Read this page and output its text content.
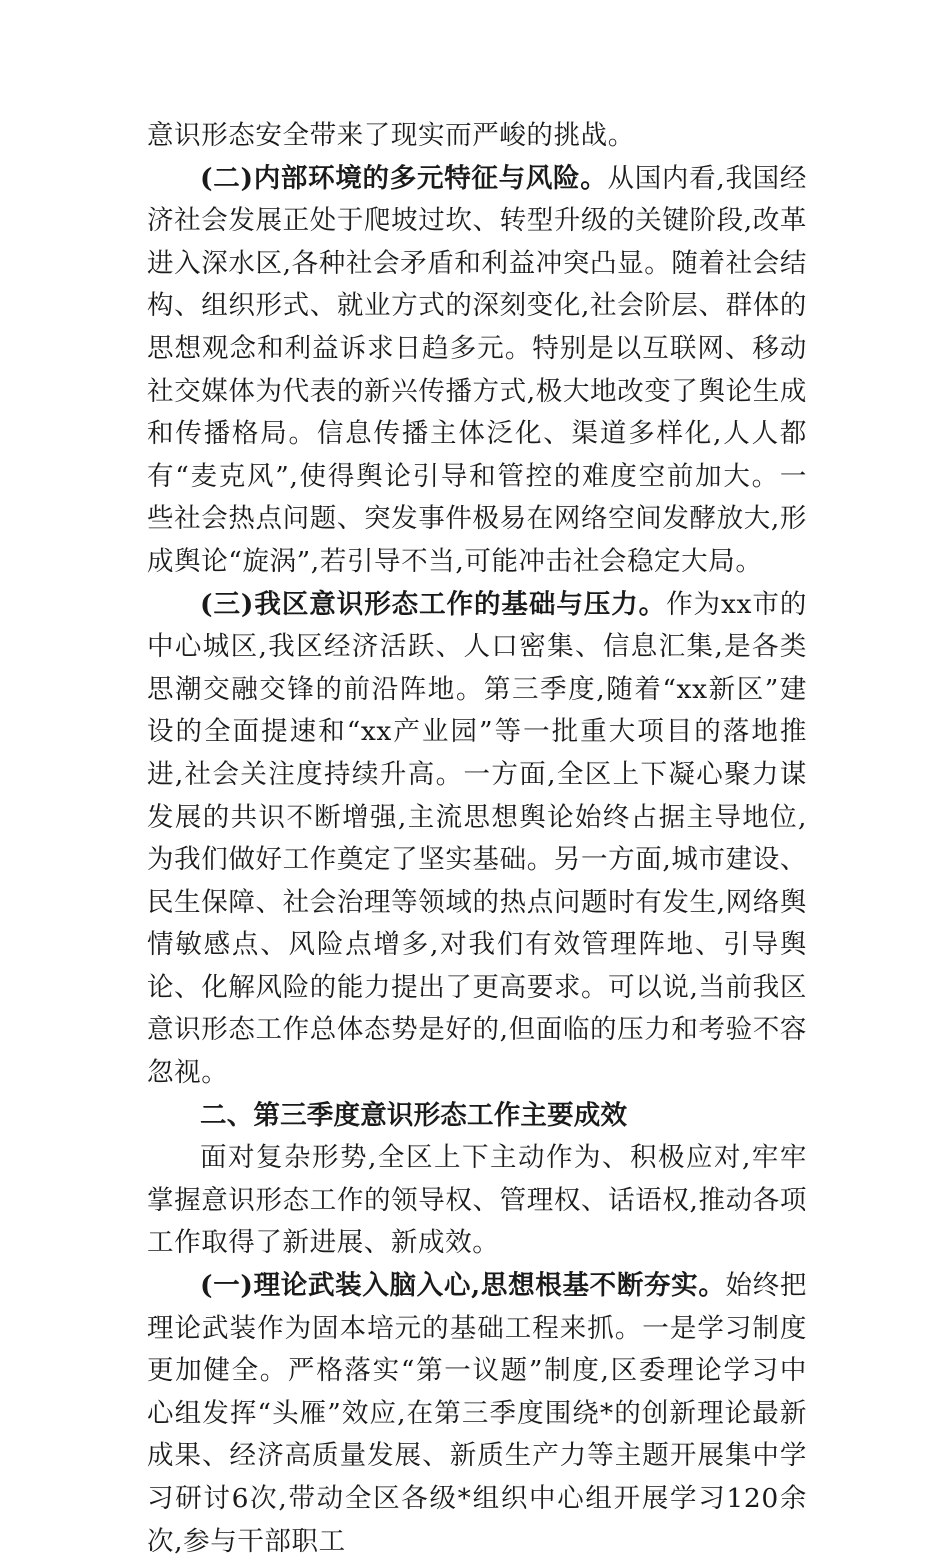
意识形态安全带来了现实而严峻的挑战。

(二)内部环境的多元特征与风险。从国内看,我国经济社会发展正处于爬坡过坎、转型升级的关键阶段,改革进入深水区,各种社会矛盾和利益冲突凸显。随着社会结构、组织形式、就业方式的深刻变化,社会阶层、群体的思想观念和利益诉求日趋多元。特别是以互联网、移动社交媒体为代表的新兴传播方式,极大地改变了舆论生成和传播格局。信息传播主体泛化、渠道多样化,人人都有“麦克风”,使得舆论引导和管控的难度空前加大。一些社会热点问题、突发事件极易在网络空间发酵放大,形成舆论“旋涡”,若引导不当,可能冲击社会稳定大局。

(三)我区意识形态工作的基础与压力。作为xx市的中心城区,我区经济活跃、人口密集、信息汇集,是各类思潮交融交锋的前沿阵地。第三季度,随着“xx新区”建设的全面提速和“xx产业园”等一批重大项目的落地推进,社会关注度持续升高。一方面,全区上下凝心聚力谋发展的共识不断增强,主流思想舆论始终占据主导地位,为我们做好工作奠定了坚实基础。另一方面,城市建设、民生保障、社会治理等领域的热点问题时有发生,网络舆情敏感点、风险点增多,对我们有效管理阵地、引导舆论、化解风险的能力提出了更高要求。可以说,当前我区意识形态工作总体态势是好的,但面临的压力和考验不容忽视。

二、第三季度意识形态工作主要成效

面对复杂形势,全区上下主动作为、积极应对,牢牢掌握意识形态工作的领导权、管理权、话语权,推动各项工作取得了新进展、新成效。

(一)理论武装入脑入心,思想根基不断夯实。始终把理论武装作为固本培元的基础工程来抓。一是学习制度更加健全。严格落实“第一议题”制度,区委理论学习中心组发挥“头雁”效应,在第三季度围绕*的创新理论最新成果、经济高质量发展、新质生产力等主题开展集中学习研讨6次,带动全区各级*组织中心组开展学习120余次,参与干部职工
